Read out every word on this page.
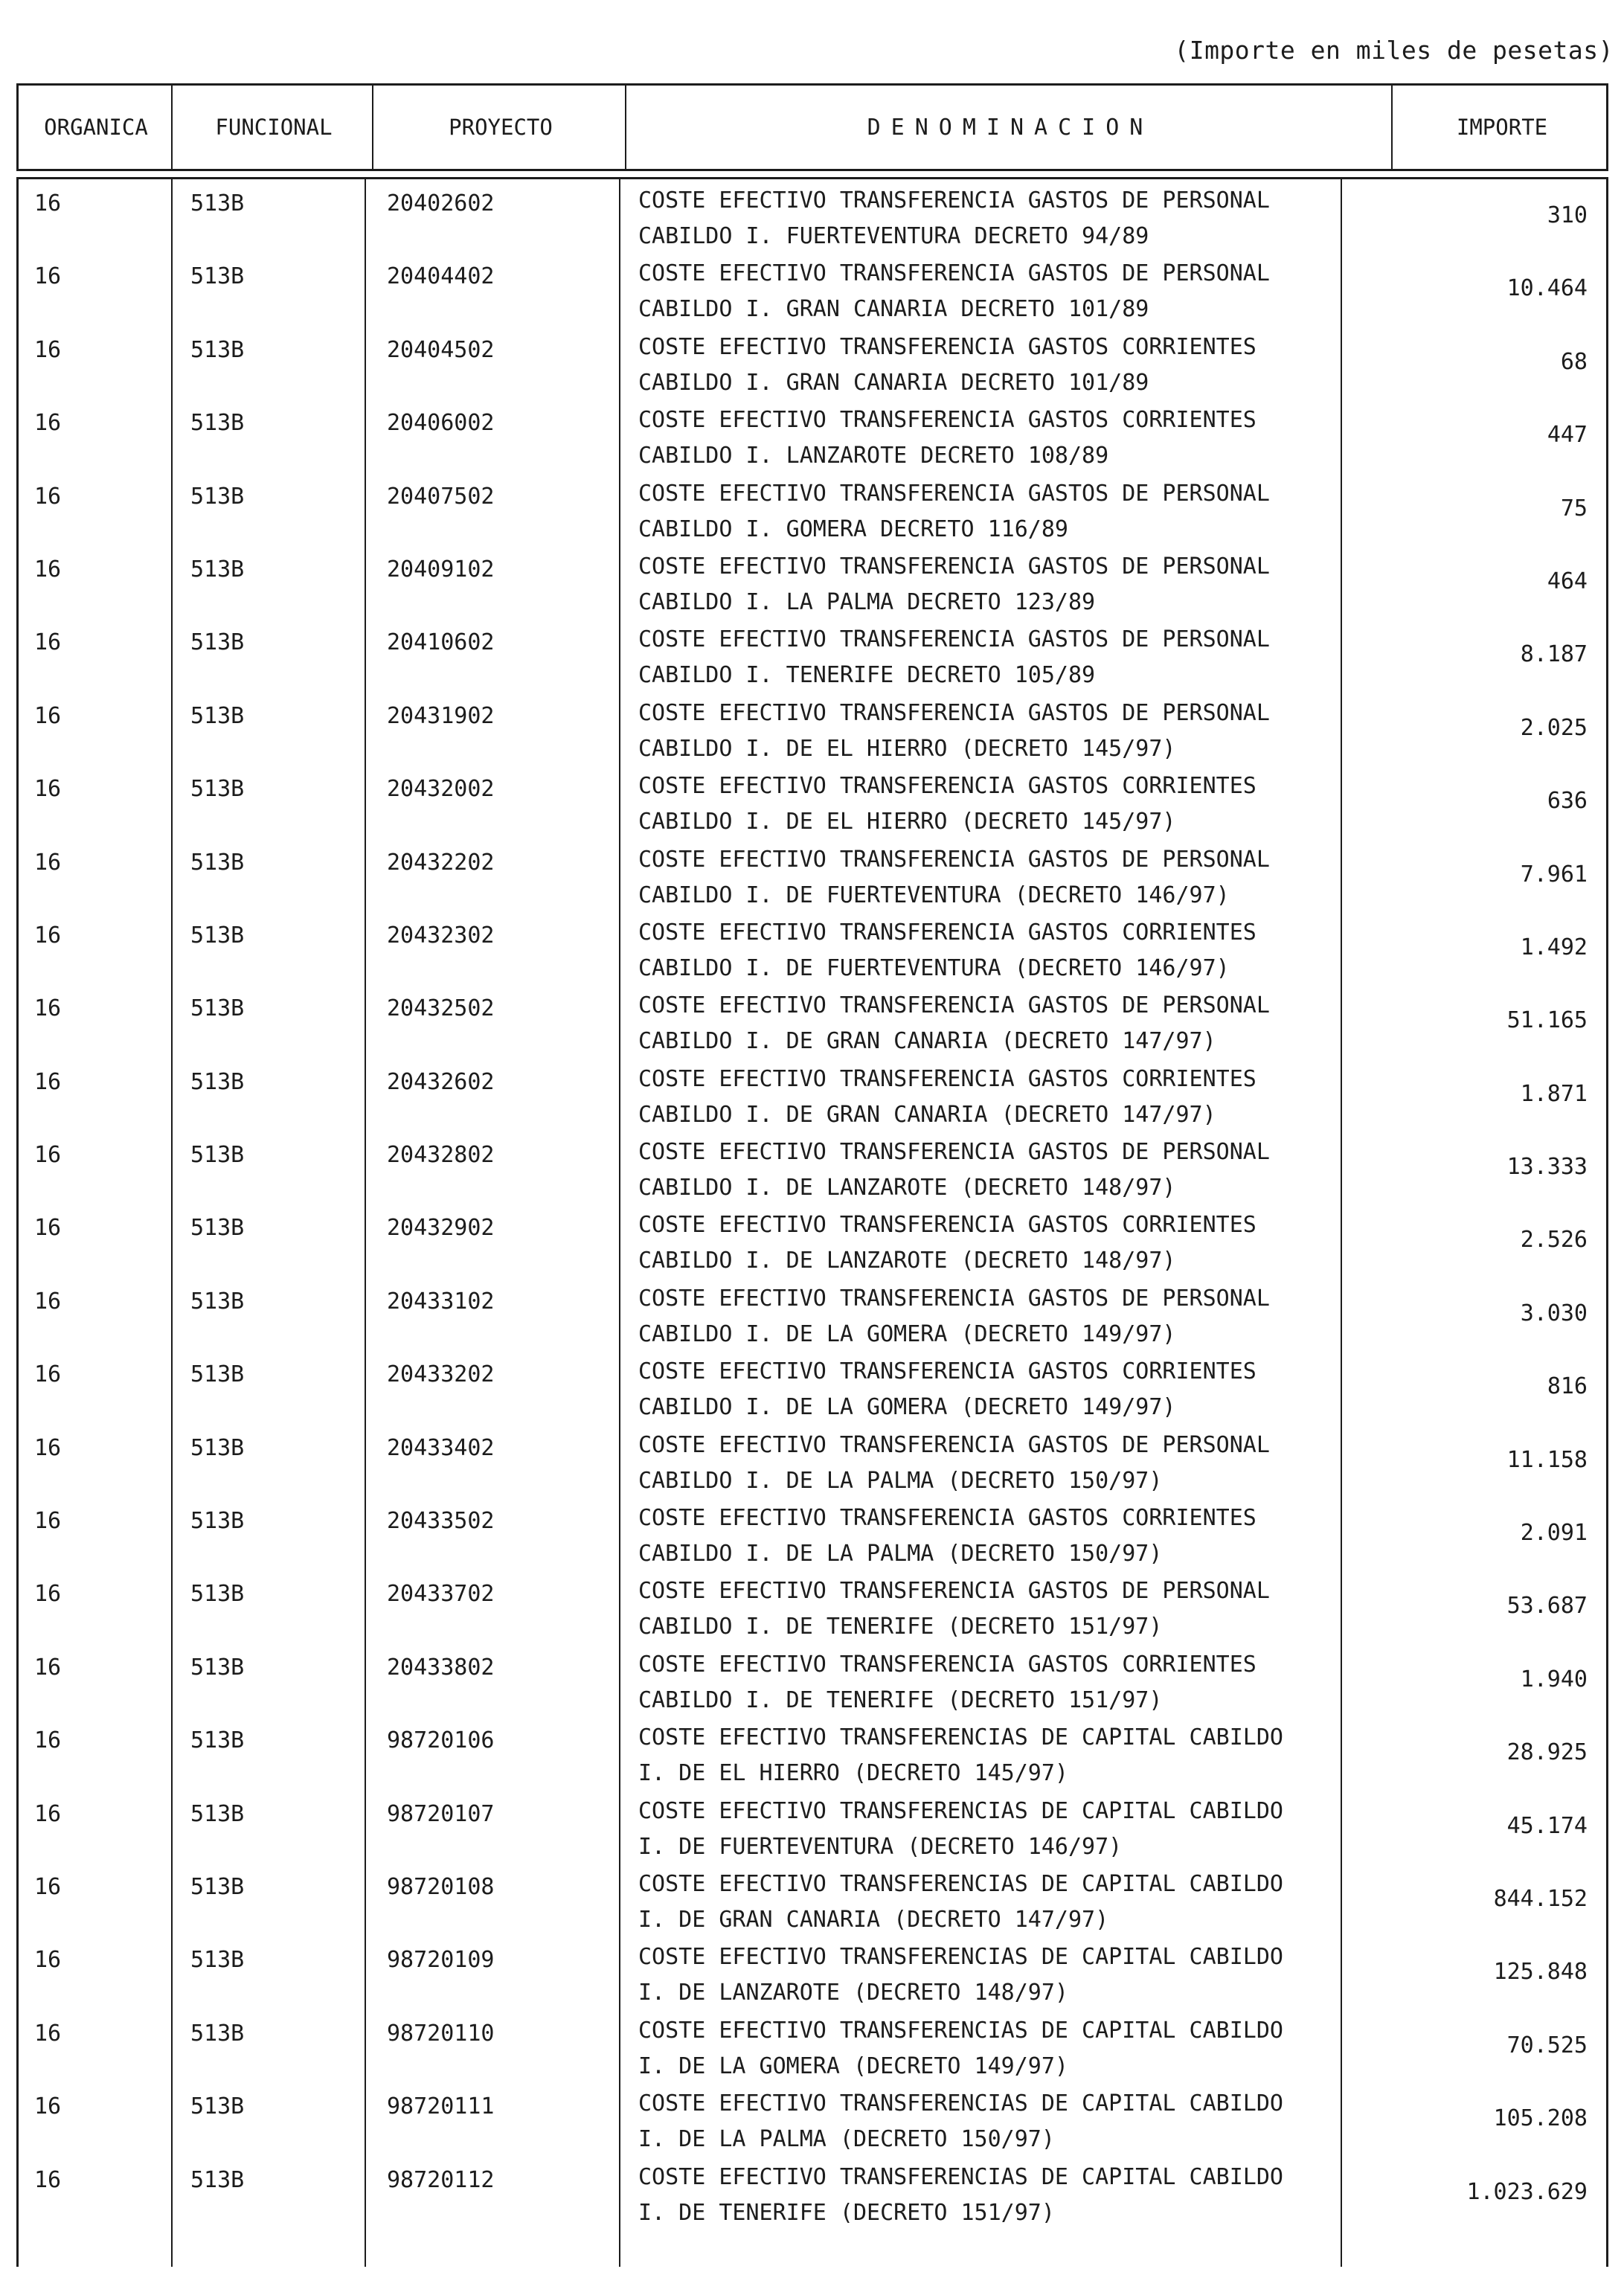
(Importe en miles de pesetas)
ORGANICA	FUNCIONAL	PROYECTO	DENOMINACION	IMPORTE
16	513B	20402602	COSTE EFECTIVO TRANSFERENCIA GASTOS DE PERSONAL
CABILDO I. FUERTEVENTURA DECRETO 94/89
310
16	513B	20404402	COSTE EFECTIVO TRANSFERENCIA GASTOS DE PERSONAL
CABILDO I. GRAN CANARIA DECRETO 101/89
10.464
16	513B	20404502	COSTE EFECTIVO TRANSFERENCIA GASTOS CORRIENTES
CABILDO I. GRAN CANARIA DECRETO 101/89
68
16	513B	20406002	COSTE EFECTIVO TRANSFERENCIA GASTOS CORRIENTES
CABILDO I. LANZAROTE DECRETO 108/89
447
16	513B	20407502	COSTE EFECTIVO TRANSFERENCIA GASTOS DE PERSONAL
CABILDO I. GOMERA DECRETO 116/89
75
16	513B	20409102	COSTE EFECTIVO TRANSFERENCIA GASTOS DE PERSONAL
CABILDO I. LA PALMA DECRETO 123/89
464
16	513B	20410602	COSTE EFECTIVO TRANSFERENCIA GASTOS DE PERSONAL
CABILDO I. TENERIFE DECRETO 105/89
8.187
16	513B	20431902	COSTE EFECTIVO TRANSFERENCIA GASTOS DE PERSONAL
CABILDO I. DE EL HIERRO (DECRETO 145/97)
2.025
16	513B	20432002	COSTE EFECTIVO TRANSFERENCIA GASTOS CORRIENTES
CABILDO I. DE EL HIERRO (DECRETO 145/97)
636
16	513B	20432202	COSTE EFECTIVO TRANSFERENCIA GASTOS DE PERSONAL
CABILDO I. DE FUERTEVENTURA (DECRETO 146/97)
7.961
16	513B	20432302	COSTE EFECTIVO TRANSFERENCIA GASTOS CORRIENTES
CABILDO I. DE FUERTEVENTURA (DECRETO 146/97)
1.492
16	513B	20432502	COSTE EFECTIVO TRANSFERENCIA GASTOS DE PERSONAL
CABILDO I. DE GRAN CANARIA (DECRETO 147/97)
51.165
16	513B	20432602	COSTE EFECTIVO TRANSFERENCIA GASTOS CORRIENTES
CABILDO I. DE GRAN CANARIA (DECRETO 147/97)
1.871
16	513B	20432802	COSTE EFECTIVO TRANSFERENCIA GASTOS DE PERSONAL
CABILDO I. DE LANZAROTE (DECRETO 148/97)
13.333
16	513B	20432902	COSTE EFECTIVO TRANSFERENCIA GASTOS CORRIENTES
CABILDO I. DE LANZAROTE (DECRETO 148/97)
2.526
16	513B	20433102	COSTE EFECTIVO TRANSFERENCIA GASTOS DE PERSONAL
CABILDO I. DE LA GOMERA (DECRETO 149/97)
3.030
16	513B	20433202	COSTE EFECTIVO TRANSFERENCIA GASTOS CORRIENTES
CABILDO I. DE LA GOMERA (DECRETO 149/97)
816
16	513B	20433402	COSTE EFECTIVO TRANSFERENCIA GASTOS DE PERSONAL
CABILDO I. DE LA PALMA (DECRETO 150/97)
11.158
16	513B	20433502	COSTE EFECTIVO TRANSFERENCIA GASTOS CORRIENTES
CABILDO I. DE LA PALMA (DECRETO 150/97)
2.091
16	513B	20433702	COSTE EFECTIVO TRANSFERENCIA GASTOS DE PERSONAL
CABILDO I. DE TENERIFE (DECRETO 151/97)
53.687
16	513B	20433802	COSTE EFECTIVO TRANSFERENCIA GASTOS CORRIENTES
CABILDO I. DE TENERIFE (DECRETO 151/97)
1.940
16	513B	98720106	COSTE EFECTIVO TRANSFERENCIAS DE CAPITAL CABILDO
I. DE EL HIERRO (DECRETO 145/97)
28.925
16	513B	98720107	COSTE EFECTIVO TRANSFERENCIAS DE CAPITAL CABILDO
I. DE FUERTEVENTURA (DECRETO 146/97)
45.174
16	513B	98720108	COSTE EFECTIVO TRANSFERENCIAS DE CAPITAL CABILDO
I. DE GRAN CANARIA (DECRETO 147/97)
844.152
16	513B	98720109	COSTE EFECTIVO TRANSFERENCIAS DE CAPITAL CABILDO
I. DE LANZAROTE (DECRETO 148/97)
125.848
16	513B	98720110	COSTE EFECTIVO TRANSFERENCIAS DE CAPITAL CABILDO
I. DE LA GOMERA (DECRETO 149/97)
70.525
16	513B	98720111	COSTE EFECTIVO TRANSFERENCIAS DE CAPITAL CABILDO
I. DE LA PALMA (DECRETO 150/97)
105.208
16	513B	98720112	COSTE EFECTIVO TRANSFERENCIAS DE CAPITAL CABILDO
I. DE TENERIFE (DECRETO 151/97)
1.023.629
